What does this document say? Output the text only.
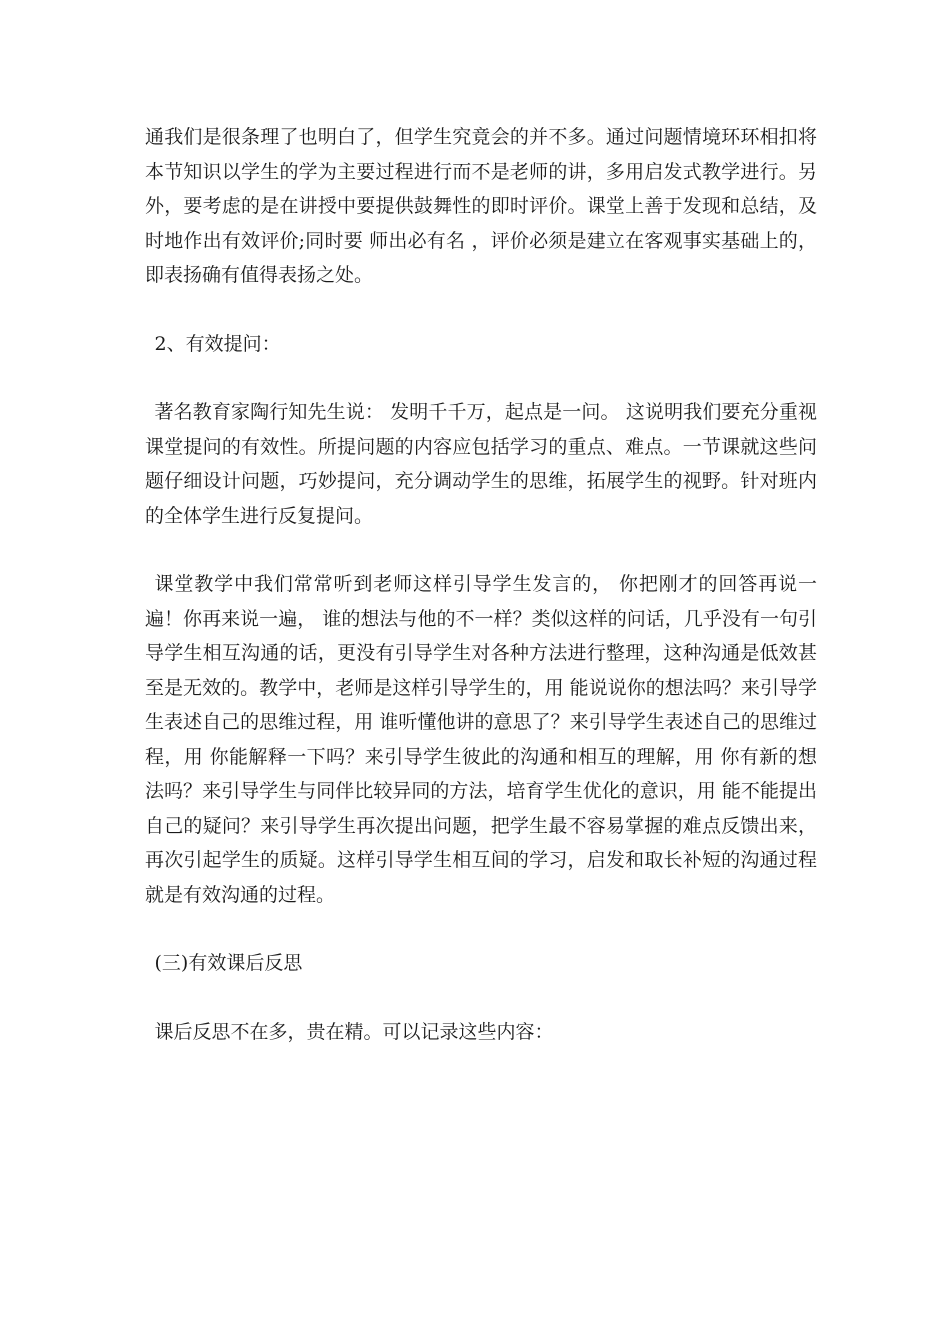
通我们是很条理了也明白了，但学生究竟会的并不多。通过问题情境环环相扣将本节知识以学生的学为主要过程进行而不是老师的讲，多用启发式教学进行。另外，要考虑的是在讲授中要提供鼓舞性的即时评价。课堂上善于发现和总结，及时地作出有效评价;同时要 师出必有名 ，评价必须是建立在客观事实基础上的，即表扬确有值得表扬之处。

2、有效提问：

著名教育家陶行知先生说： 发明千千万，起点是一问。 这说明我们要充分重视课堂提问的有效性。所提问题的内容应包括学习的重点、难点。一节课就这些问题仔细设计问题，巧妙提问，充分调动学生的思维，拓展学生的视野。针对班内的全体学生进行反复提问。

课堂教学中我们常常听到老师这样引导学生发言的， 你把刚才的回答再说一遍！你再来说一遍， 谁的想法与他的不一样？类似这样的问话，几乎没有一句引导学生相互沟通的话，更没有引导学生对各种方法进行整理，这种沟通是低效甚至是无效的。教学中，老师是这样引导学生的，用 能说说你的想法吗？来引导学生表述自己的思维过程，用 谁听懂他讲的意思了？来引导学生表述自己的思维过程，用 你能解释一下吗？来引导学生彼此的沟通和相互的理解，用 你有新的想法吗？来引导学生与同伴比较异同的方法，培育学生优化的意识，用 能不能提出自己的疑问？来引导学生再次提出问题，把学生最不容易掌握的难点反馈出来，再次引起学生的质疑。这样引导学生相互间的学习，启发和取长补短的沟通过程就是有效沟通的过程。

(三)有效课后反思

课后反思不在多，贵在精。可以记录这些内容：
